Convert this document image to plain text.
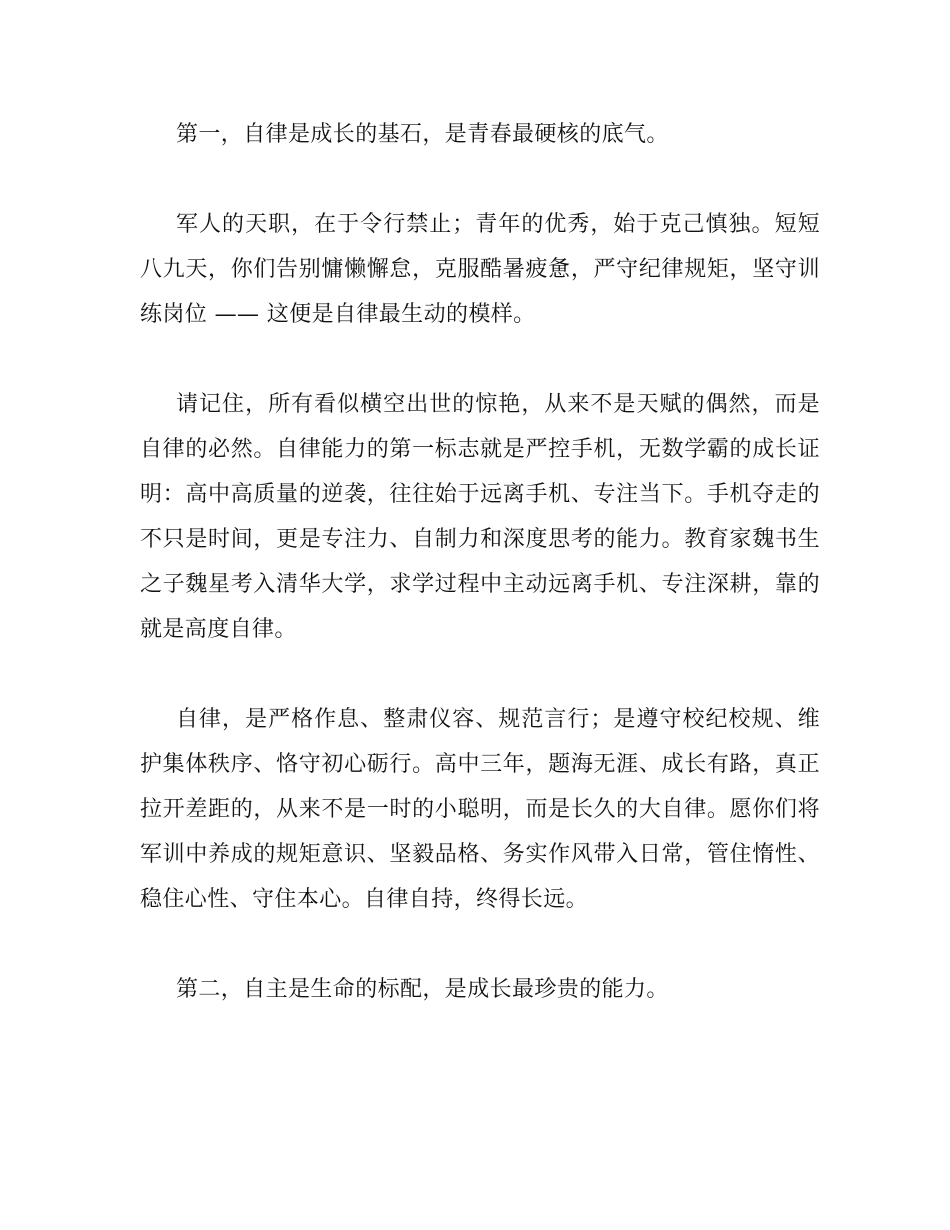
第一，自律是成长的基石，是青春最硬核的底气。

军人的天职，在于令行禁止；青年的优秀，始于克己慎独。短短八九天，你们告别慵懒懈怠，克服酷暑疲惫，严守纪律规矩，坚守训练岗位 —— 这便是自律最生动的模样。

请记住，所有看似横空出世的惊艳，从来不是天赋的偶然，而是自律的必然。自律能力的第一标志就是严控手机，无数学霸的成长证明：高中高质量的逆袭，往往始于远离手机、专注当下。手机夺走的不只是时间，更是专注力、自制力和深度思考的能力。教育家魏书生之子魏星考入清华大学，求学过程中主动远离手机、专注深耕，靠的就是高度自律。

自律，是严格作息、整肃仪容、规范言行；是遵守校纪校规、维护集体秩序、恪守初心砺行。高中三年，题海无涯、成长有路，真正拉开差距的，从来不是一时的小聪明，而是长久的大自律。愿你们将军训中养成的规矩意识、坚毅品格、务实作风带入日常，管住惰性、稳住心性、守住本心。自律自持，终得长远。

第二，自主是生命的标配，是成长最珍贵的能力。
